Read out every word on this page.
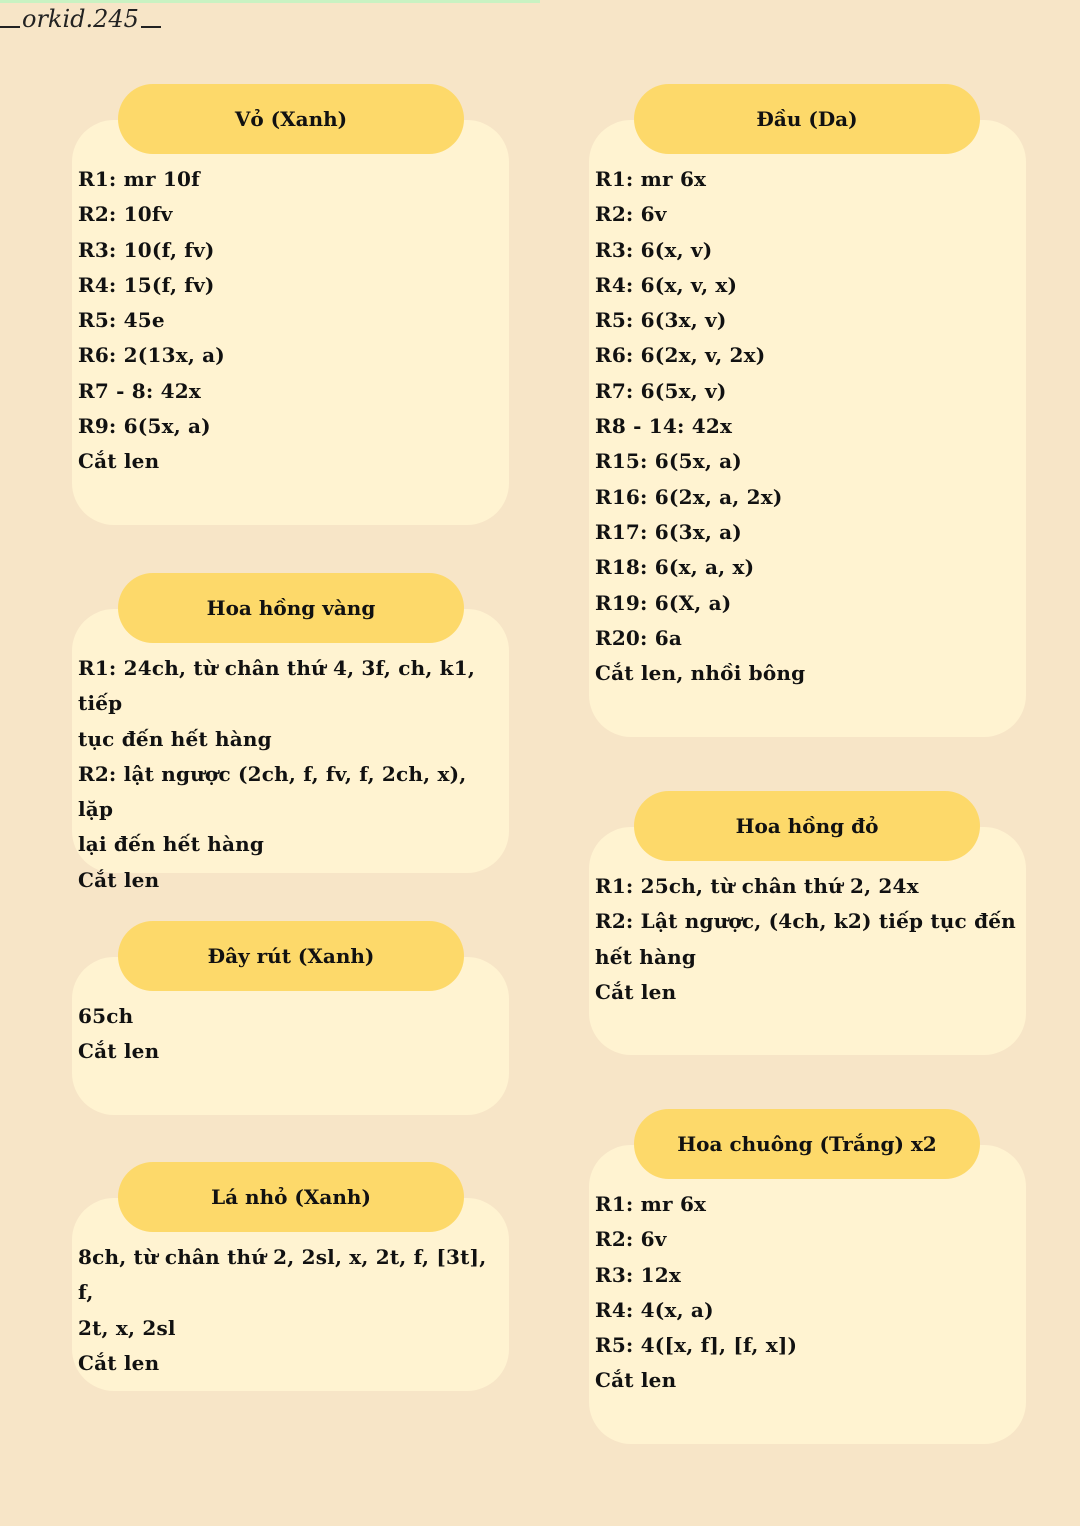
orkid.245
Vỏ (Xanh)
R1: mr 10f
R2: 10fv
R3: 10(f, fv)
R4: 15(f, fv)
R5: 45e
R6: 2(13x, a)
R7 - 8: 42x
R9: 6(5x, a)
Cắt len
Hoa hồng vàng
R1: 24ch, từ chân thứ 4, 3f, ch, k1, tiếp
tục đến hết hàng
R2: lật ngược (2ch, f, fv, f, 2ch, x), lặp
lại đến hết hàng
Cắt len
Đây rút (Xanh)
65ch
Cắt len
Lá nhỏ (Xanh)
8ch, từ chân thứ 2, 2sl, x, 2t, f, [3t], f,
2t, x, 2sl
Cắt len
Đầu (Da)
R1: mr 6x
R2: 6v
R3: 6(x, v)
R4: 6(x, v, x)
R5: 6(3x, v)
R6: 6(2x, v, 2x)
R7: 6(5x, v)
R8 - 14: 42x
R15: 6(5x, a)
R16: 6(2x, a, 2x)
R17: 6(3x, a)
R18: 6(x, a, x)
R19: 6(X, a)
R20: 6a
Cắt len, nhồi bông
Hoa hồng đỏ
R1: 25ch, từ chân thứ 2, 24x
R2: Lật ngược, (4ch, k2) tiếp tục đến
hết hàng
Cắt len
Hoa chuông (Trắng) x2
R1: mr 6x
R2: 6v
R3: 12x
R4: 4(x, a)
R5: 4([x, f], [f, x])
Cắt len
